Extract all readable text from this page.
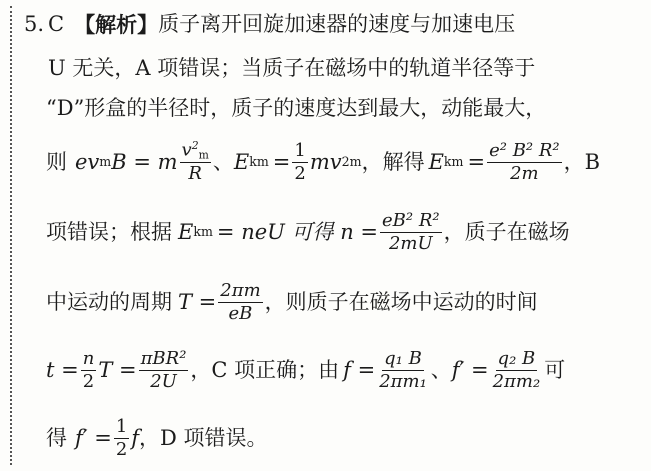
5. C 【解析】 质子离开回旋加速器的速度与加速电压
U 无关，A 项错误；当质子在磁场中的轨道半径等于
“D”形盒的半径时，质子的速度达到最大，动能最大，
则 ev m B = m $\frac{v^2_m}{R}$ 、 E km = $\frac{1}{2}$ mv 2 m ，解得 E km = $\frac{\text{e² B² R²}}{2m}$ ，B
项错误；根据 E km = neU 可得 $n = \frac{\text{eB² R²}}{2mU}$ ，质子在磁场
中运动的周期 $T = \frac{2\pi m}{eB}$ ，则质子在磁场中运动的时间
$t = \frac{n}{2}$ $T = \frac{\text{πBR²}}{2U}$ ，C 项正确；由 $f = \frac{\text{q₁ B}}{\text{2πm₁}}$ 、 $f' = \frac{\text{q₂ B}}{\text{2πm₂}}$ 可
得 $f' = \frac{1}{2}$ f ，D 项错误。
